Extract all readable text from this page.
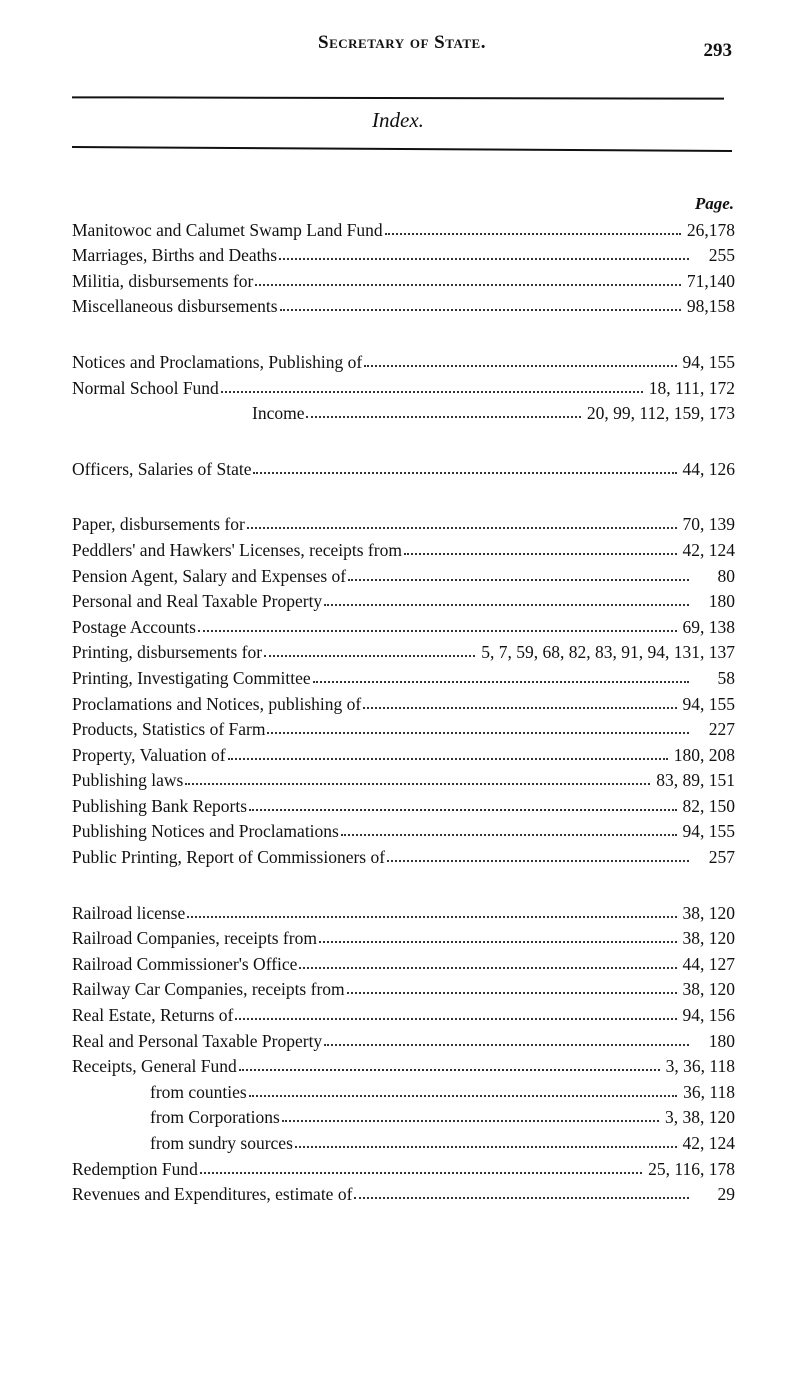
Secretary of State.	293
Index.
Page.
Manitowoc and Calumet Swamp Land Fund	26,178
Marriages, Births and Deaths	255
Militia, disbursements for	71,140
Miscellaneous disbursements	98,158
Notices and Proclamations, Publishing of	94, 155
Normal School Fund	18, 111, 172
Income	20, 99, 112, 159, 173
Officers, Salaries of State	44, 126
Paper, disbursements for	70, 139
Peddlers' and Hawkers' Licenses, receipts from	42, 124
Pension Agent, Salary and Expenses of	80
Personal and Real Taxable Property	180
Postage Accounts	69, 138
Printing, disbursements for	5, 7, 59, 68, 82, 83, 91, 94, 131, 137
Printing, Investigating Committee	58
Proclamations and Notices, publishing of	94, 155
Products, Statistics of Farm	227
Property, Valuation of	180, 208
Publishing laws	83, 89, 151
Publishing Bank Reports	82, 150
Publishing Notices and Proclamations	94, 155
Public Printing, Report of Commissioners of	257
Railroad license	38, 120
Railroad Companies, receipts from	38, 120
Railroad Commissioner's Office	44, 127
Railway Car Companies, receipts from	38, 120
Real Estate, Returns of	94, 156
Real and Personal Taxable Property	180
Receipts, General Fund	3, 36, 118
from counties	36, 118
from Corporations	3, 38, 120
from sundry sources	42, 124
Redemption Fund	25, 116, 178
Revenues and Expenditures, estimate of	29
